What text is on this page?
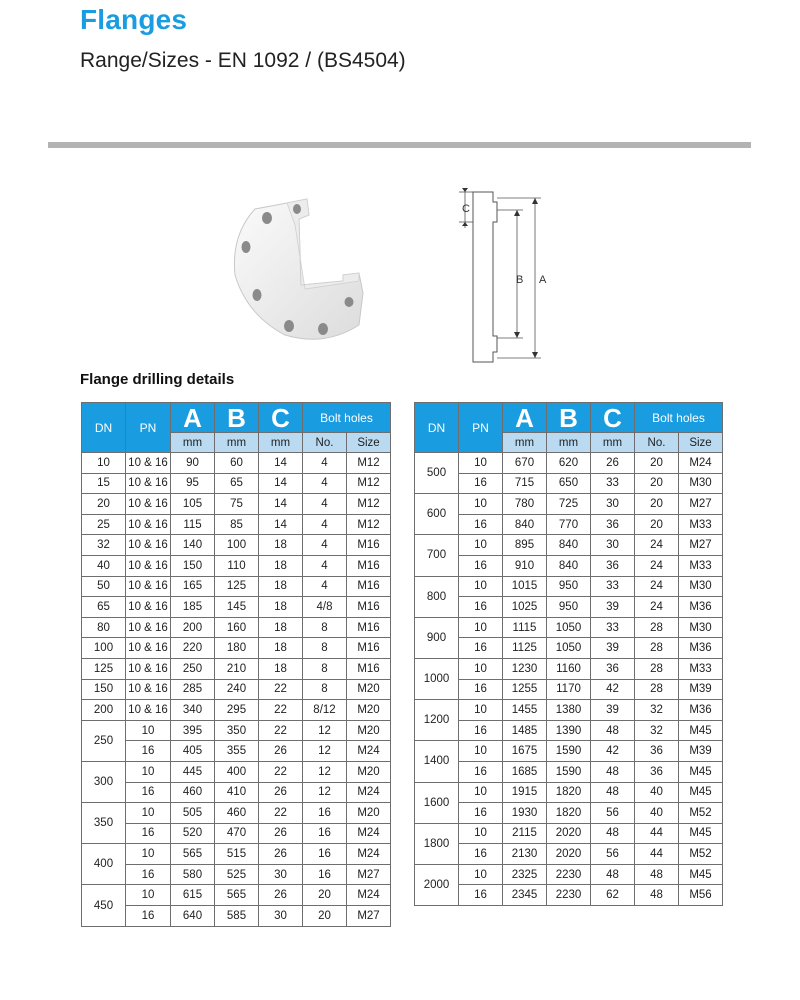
Flanges
Range/Sizes - EN 1092 / (BS4504)
C
B A
Flange drilling details
DN	PN	A	B	C	Bolt holes	
		mm	mm	mm	No.	Size
10	10 & 16	90	60	14	4	M12
15	10 & 16	95	65	14	4	M12
20	10 & 16	105	75	14	4	M12
25	10 & 16	115	85	14	4	M12
32	10 & 16	140	100	18	4	M16
40	10 & 16	150	110	18	4	M16
50	10 & 16	165	125	18	4	M16
65	10 & 16	185	145	18	4/8	M16
80	10 & 16	200	160	18	8	M16
100	10 & 16	220	180	18	8	M16
125	10 & 16	250	210	18	8	M16
150	10 & 16	285	240	22	8	M20
200	10 & 16	340	295	22	8/12	M20
250	10	395	350	22	12	M20
	16	405	355	26	12	M24
300	10	445	400	22	12	M20
	16	460	410	26	12	M24
350	10	505	460	22	16	M20
	16	520	470	26	16	M24
400	10	565	515	26	16	M24
	16	580	525	30	16	M27
450	10	615	565	26	20	M24
	16	640	585	30	20	M27
DN	PN	A	B	C	Bolt holes	
		mm	mm	mm	No.	Size
500	10	670	620	26	20	M24
	16	715	650	33	20	M30
600	10	780	725	30	20	M27
	16	840	770	36	20	M33
700	10	895	840	30	24	M27
	16	910	840	36	24	M33
800	10	1015	950	33	24	M30
	16	1025	950	39	24	M36
900	10	1115	1050	33	28	M30
	16	1125	1050	39	28	M36
1000	10	1230	1160	36	28	M33
	16	1255	1170	42	28	M39
1200	10	1455	1380	39	32	M36
	16	1485	1390	48	32	M45
1400	10	1675	1590	42	36	M39
	16	1685	1590	48	36	M45
1600	10	1915	1820	48	40	M45
	16	1930	1820	56	40	M52
1800	10	2115	2020	48	44	M45
	16	2130	2020	56	44	M52
2000	10	2325	2230	48	48	M45
	16	2345	2230	62	48	M56
